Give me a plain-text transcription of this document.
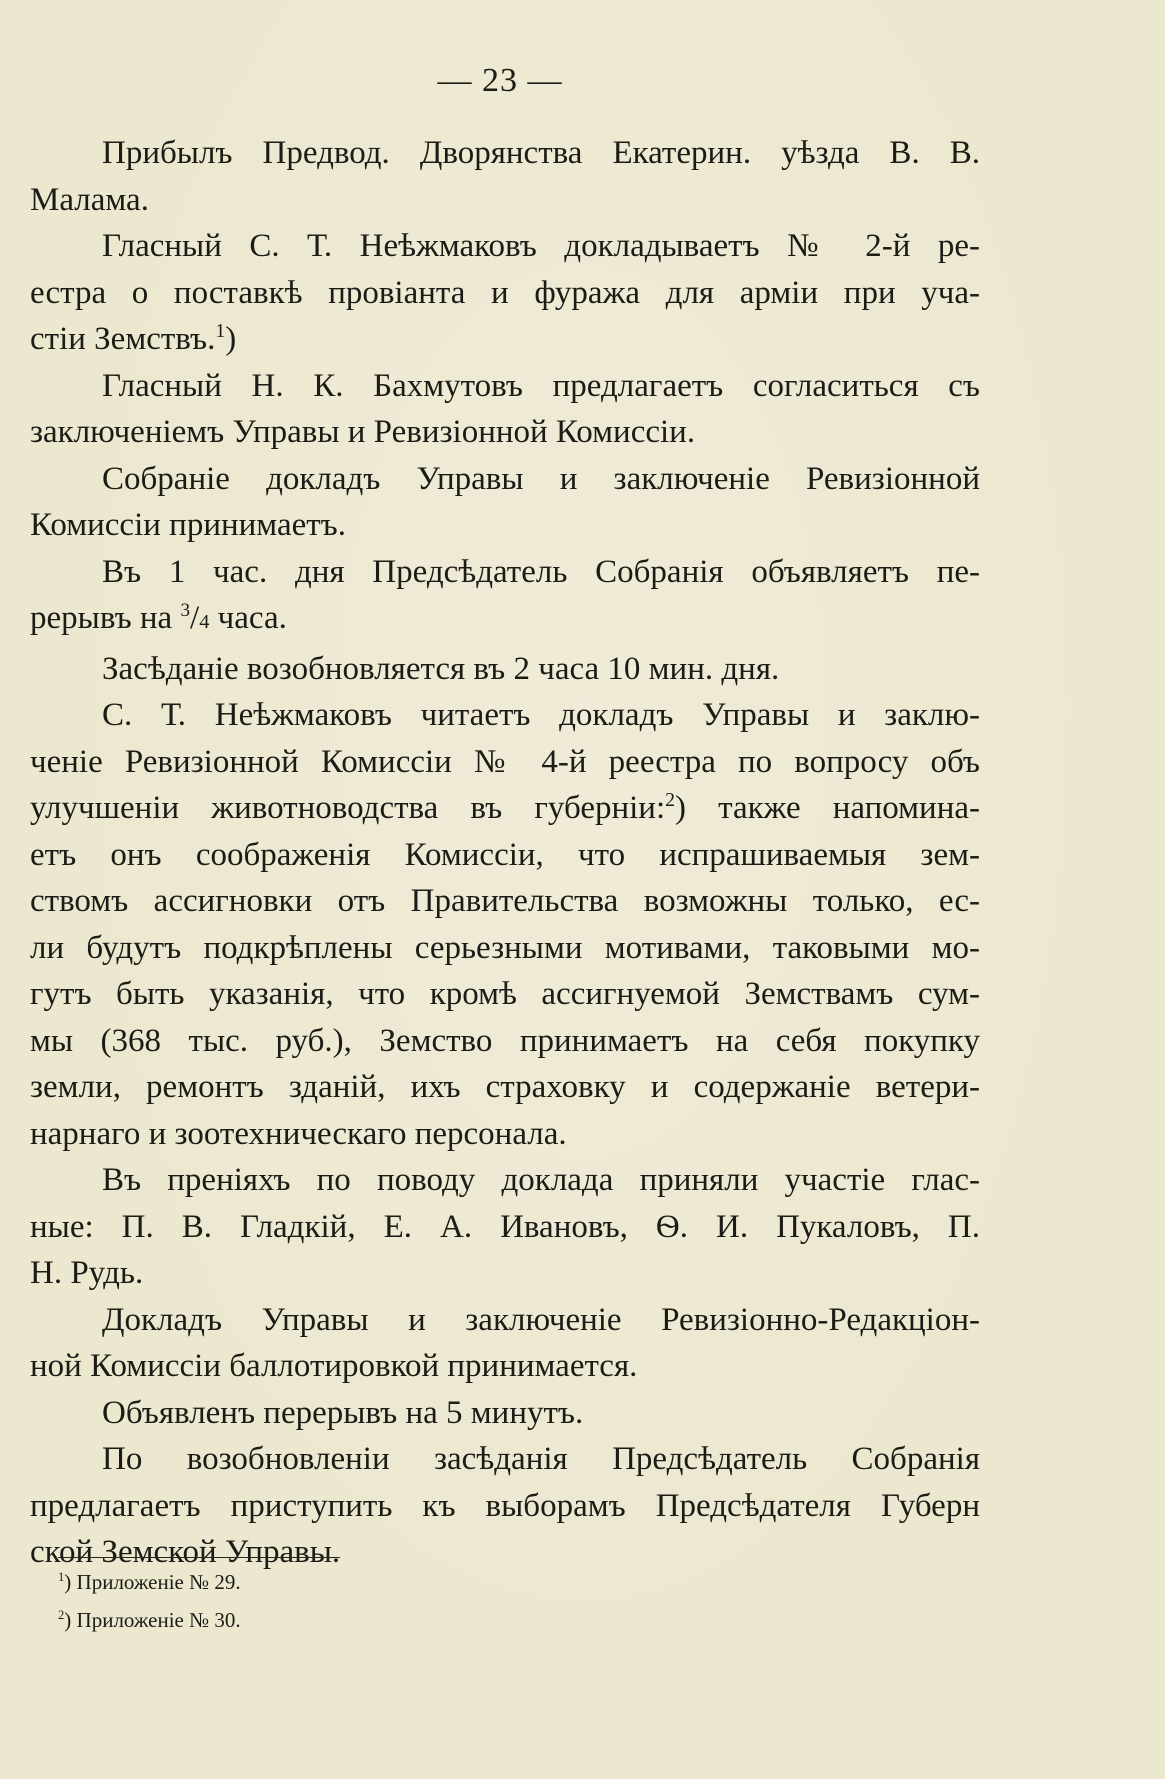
— 23 —

Прибылъ Предвод. Дворянства Екатерин. уѣзда В. В.
Малама.

Гласный С. Т. Неѣжмаковъ докладываетъ № 2-й ре-
естра о поставкѣ провіанта и фуража для арміи при уча-
стіи Земствъ.$^1$)

Гласный Н. К. Бахмутовъ предлагаетъ согласиться съ
заключеніемъ Управы и Ревизіонной Комиссіи.

Собраніе докладъ Управы и заключеніе Ревизіонной
Комиссіи принимаетъ.

Въ 1 час. дня Предсѣдатель Собранія объявляетъ пе-
рерывъ на $^3$/4 часа.

Засѣданіе возобновляется въ 2 часа 10 мин. дня.

С. Т. Неѣжмаковъ читаетъ докладъ Управы и заклю-
ченіе Ревизіонной Комиссіи № 4-й реестра по вопросу объ
улучшеніи животноводства въ губерніи:$^2$) также напомина-
етъ онъ соображенія Комиссіи, что испрашиваемыя зем-
ствомъ ассигновки отъ Правительства возможны только, ес-
ли будутъ подкрѣплены серьезными мотивами, таковыми мо-
гутъ быть указанія, что кромѣ ассигнуемой Земствамъ сум-
мы (368 тыс. руб.), Земство принимаетъ на себя покупку
земли, ремонтъ зданій, ихъ страховку и содержаніе ветери-
нарнаго и зоотехническаго персонала.

Въ преніяхъ по поводу доклада приняли участіе глас-
ные: П. В. Гладкій, Е. А. Ивановъ, Ѳ. И. Пукаловъ, П.
Н. Рудь.

Докладъ Управы и заключеніе Ревизіонно-Редакціон-
ной Комиссіи баллотировкой принимается.

Объявленъ перерывъ на 5 минутъ.

По возобновленіи засѣданія Предсѣдатель Собранія
предлагаетъ приступить къ выборамъ Предсѣдателя Губерн
ской Земской Управы.

$^1$) Приложеніе № 29.
$^2$) Приложеніе № 30.
